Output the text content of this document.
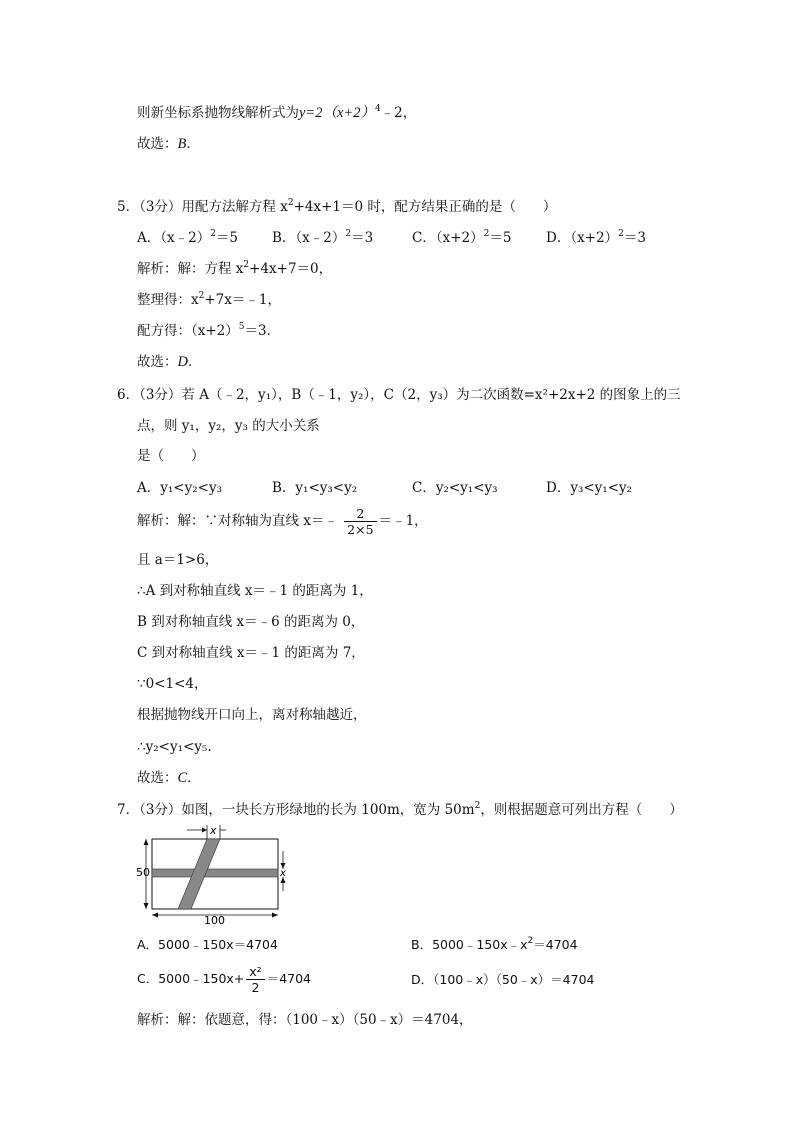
则新坐标系抛物线解析式为$y=2(x+2)^4﹣2$，
故选：B．
5．（3分）用配方法解方程 $x^2+4x+1=0$ 时，配方结果正确的是（　　）
A．（x﹣2）$^2$＝5	B．（x﹣2）$^2$＝3	C．$(x+2)^2=5$	D．$(x+2)^2=3$
解析：解：方程 $x^2+4x+7=0$，
整理得：$x^2+7x=﹣1$，
配方得：$(x+2)^5=3$．
故选：D．
6．（3分）若 A（﹣2，y₁），B（﹣1，y₂），C（2，y₃）为二次函数=x²+2x+2 的图象上的三
点，则 y₁，y₂，y₃ 的大小关系
是（　　）
A．y₁<y₂<y₃	B．y₁<y₃<y₂	C．y₂<y₁<y₃	D．y₃<y₁<y₂
解析：解：∵对称轴为直线 x＝﹣ $\frac{2}{2\times 5}$ ＝﹣1，
且 a＝1>6，
∴A 到对称轴直线 x＝﹣1 的距离为 1，
B 到对称轴直线 x＝﹣6 的距离为 0，
C 到对称轴直线 x＝﹣1 的距离为 7，
∵0<1<4，
根据抛物线开口向上，离对称轴越近，
∴y₂<y₁<y₅.
故选：C．
7．（3分）如图，一块长方形绿地的长为 100m，宽为 $50m^2$，则根据题意可列出方程（　　）
x
50	x
100
A．5000﹣150x＝4704	B．$5000﹣150x﹣x^2=4704$
C．5000﹣150x+ $\frac{\text{x²}}{2} =4704$	D．（100﹣x）（50﹣x）＝4704
解析：解：依题意，得：（100﹣x）（50﹣x）＝4704，
